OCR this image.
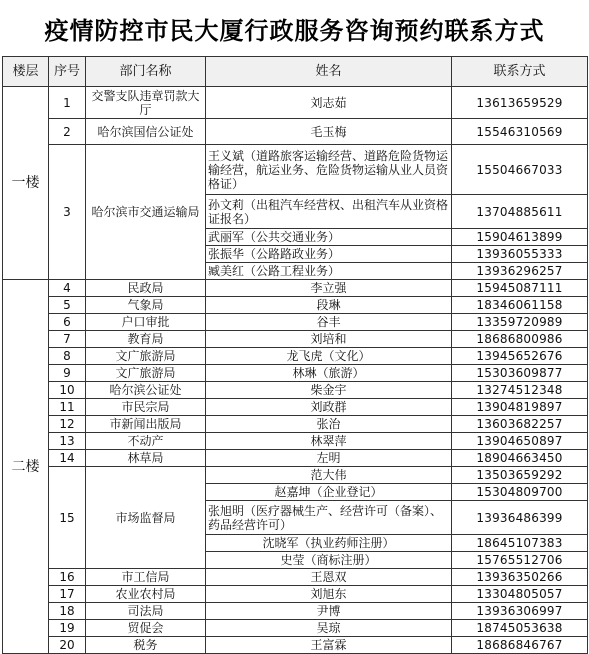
疫情防控市民大厦行政服务咨询预约联系方式
楼层	序号	部门名称	姓名	联系方式
一楼	1	交警支队违章罚款大厅	刘志茹	13613659529
	2	哈尔滨国信公证处	毛玉梅	15546310569
	3	哈尔滨市交通运输局	王义斌（道路旅客运输经营、道路危险货物运输经营，航运业务、危险货物运输从业人员资格证）	15504667033
			孙文莉（出租汽车经营权、出租汽车从业资格证报名）	13704885611
			武丽军（公共交通业务）	15904613899
			张振华（公路路政业务）	13936055333
			臧美红（公路工程业务）	13936296257
二楼	4	民政局	李立强	15945087111
	5	气象局	段琳	18346061158
	6	户口审批	谷丰	13359720989
	7	教育局	刘培和	18686800986
	8	文广旅游局	龙飞虎（文化）	13945652676
	9	文广旅游局	林琳（旅游）	15303609877
	10	哈尔滨公证处	柴金宇	13274512348
	11	市民宗局	刘政群	13904819897
	12	市新闻出版局	张治	13603682257
	13	不动产	林翠萍	13904650897
	14	林草局	左明	18904663450
	15	市场监督局	范大伟	13503659292
			赵嘉坤（企业登记）	15304809700
			张旭明（医疗器械生产、经营许可（备案）、药品经营许可）	13936486399
			沈晓军（执业药师注册）	18645107383
			史莹（商标注册）	15765512706
	16	市工信局	王恩双	13936350266
	17	农业农村局	刘旭东	13304805057
	18	司法局	尹博	13936306997
	19	贸促会	吴琼	18745053638
	20	税务	王富霖	18686846767
